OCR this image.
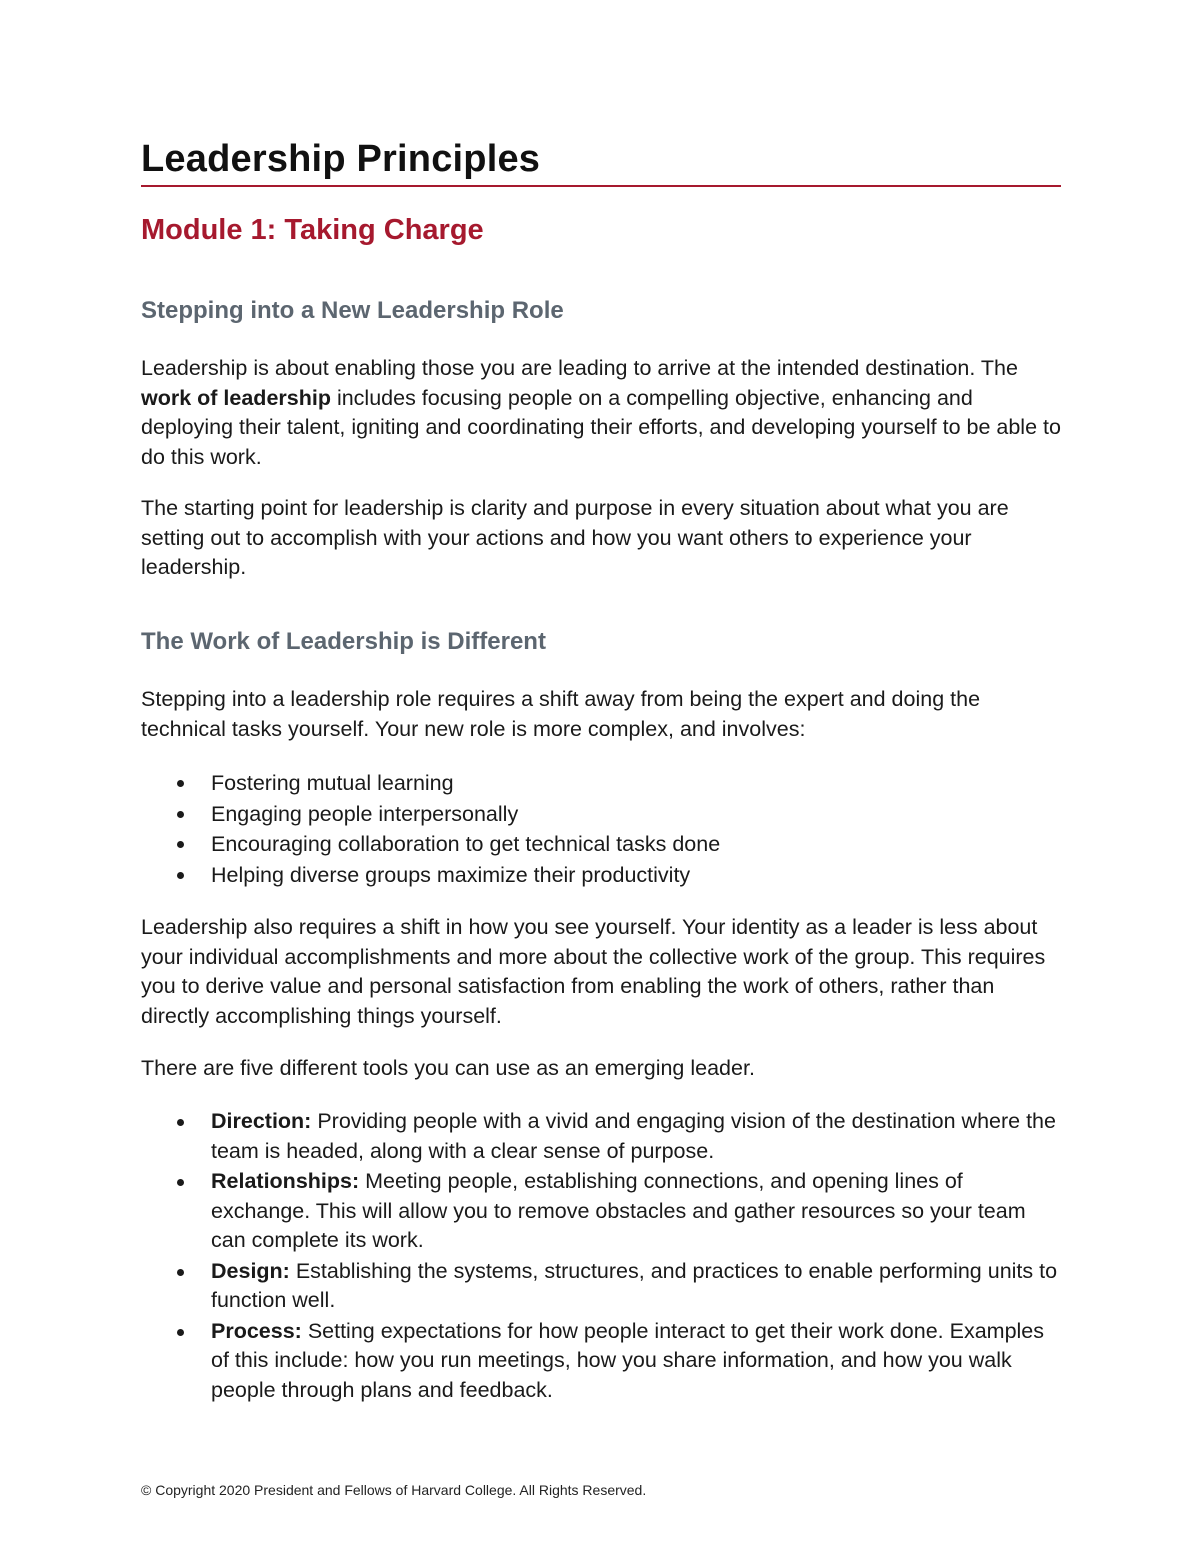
Leadership Principles
Module 1: Taking Charge
Stepping into a New Leadership Role

Leadership is about enabling those you are leading to arrive at the intended destination. The work of leadership includes focusing people on a compelling objective, enhancing and deploying their talent, igniting and coordinating their efforts, and developing yourself to be able to do this work.

The starting point for leadership is clarity and purpose in every situation about what you are setting out to accomplish with your actions and how you want others to experience your leadership.

The Work of Leadership is Different

Stepping into a leadership role requires a shift away from being the expert and doing the technical tasks yourself. Your new role is more complex, and involves:

Fostering mutual learning
Engaging people interpersonally
Encouraging collaboration to get technical tasks done
Helping diverse groups maximize their productivity

Leadership also requires a shift in how you see yourself. Your identity as a leader is less about your individual accomplishments and more about the collective work of the group. This requires you to derive value and personal satisfaction from enabling the work of others, rather than directly accomplishing things yourself.

There are five different tools you can use as an emerging leader.

Direction: Providing people with a vivid and engaging vision of the destination where the team is headed, along with a clear sense of purpose.
Relationships: Meeting people, establishing connections, and opening lines of exchange. This will allow you to remove obstacles and gather resources so your team can complete its work.
Design: Establishing the systems, structures, and practices to enable performing units to function well.
Process: Setting expectations for how people interact to get their work done. Examples of this include: how you run meetings, how you share information, and how you walk people through plans and feedback.

© Copyright 2020 President and Fellows of Harvard College. All Rights Reserved.
